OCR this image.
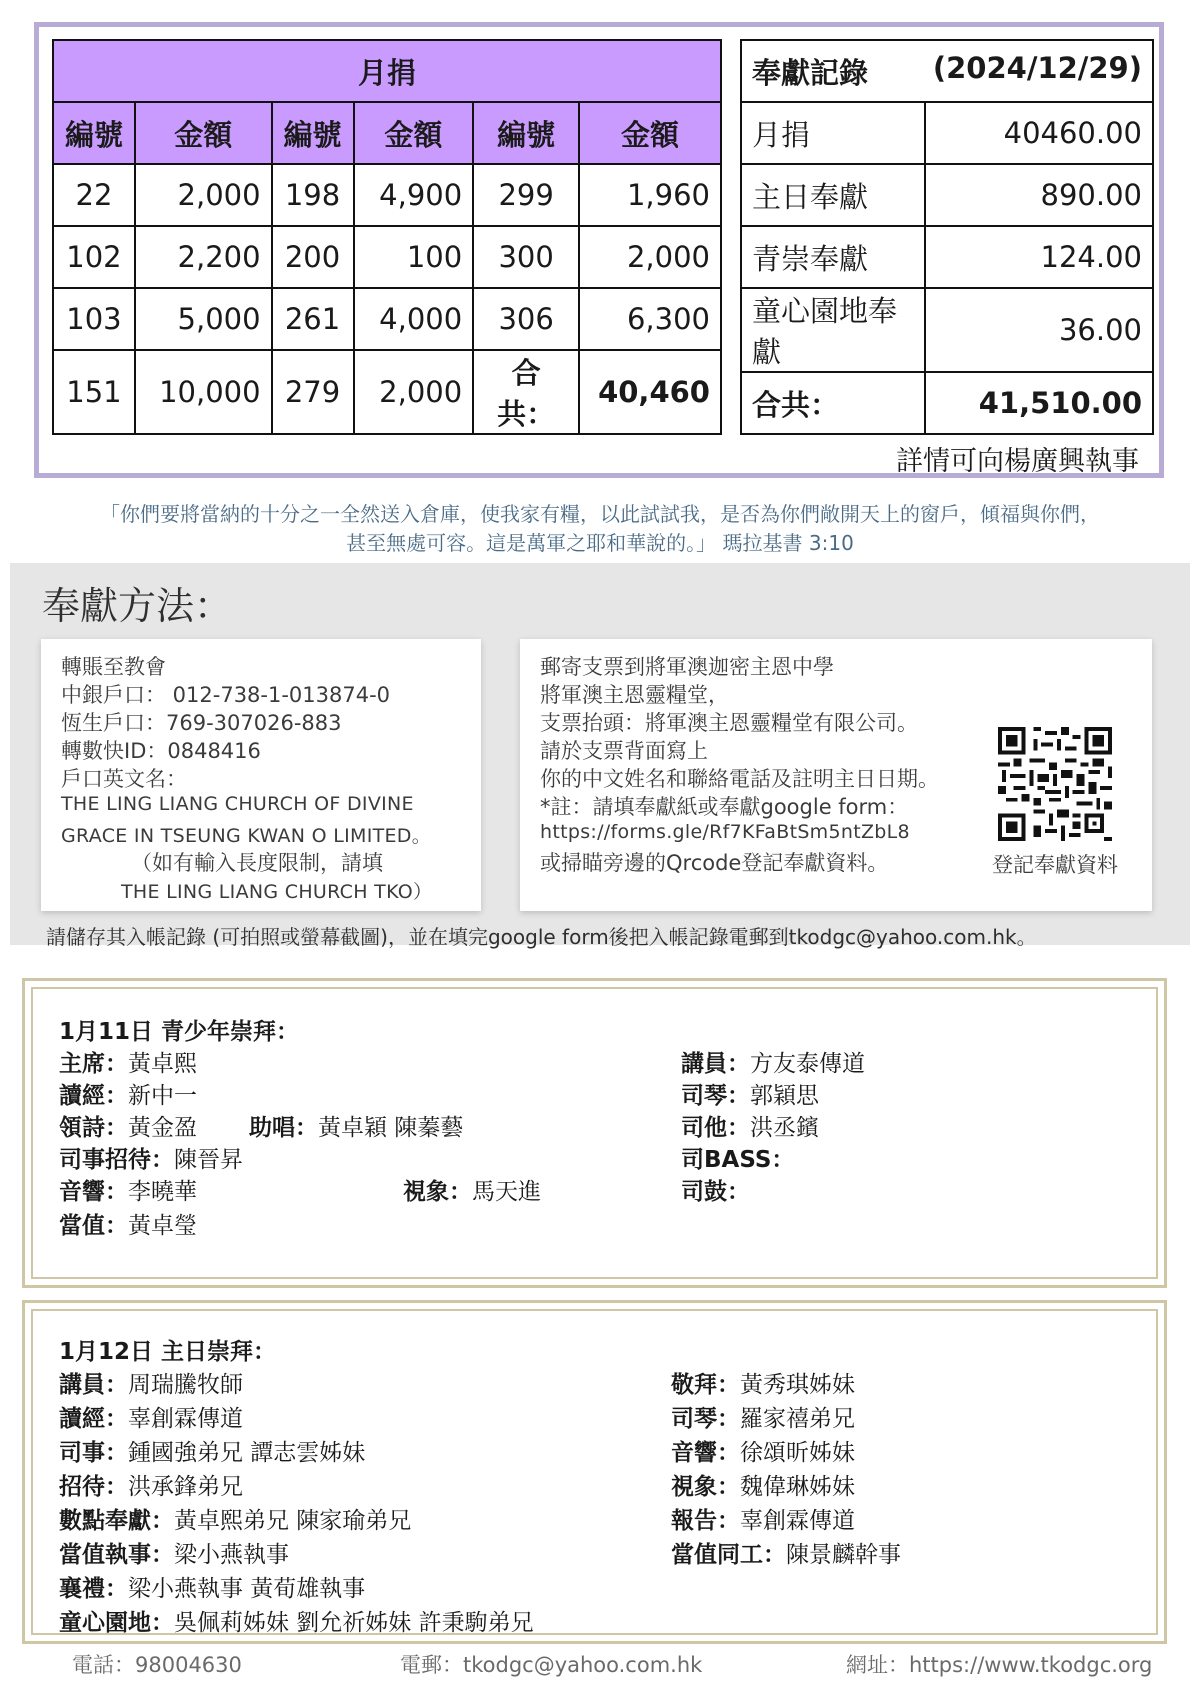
月捐					
編號	金額	編號	金額	編號	金額
22	2,000	198	4,900	299	1,960
102	2,200	200	100	300	2,000
103	5,000	261	4,000	306	6,300
151	10,000	279	2,000	合共：	40,460
奉獻記錄 (2024/12/29)	

月捐	40460.00
主日奉獻	890.00
青崇奉獻	124.00
童心園地奉獻	36.00
合共：	41,510.00
詳情可向楊廣興執事
「你們要將當納的十分之一全然送入倉庫，使我家有糧，以此試試我，是否為你們敞開天上的窗戶，傾福與你們，
甚至無處可容。這是萬軍之耶和華說的。」 瑪拉基書 3:10
奉獻方法：
轉賬至教會
中銀戶口： 012-738-1-013874-0
恆生戶口：769-307026-883
轉數快ID：0848416
戶口英文名：
THE LING LIANG CHURCH OF DIVINE
GRACE IN TSEUNG KWAN O LIMITED。
（如有輸入長度限制，請填
THE LING LIANG CHURCH TKO）
郵寄支票到將軍澳迦密主恩中學
將軍澳主恩靈糧堂，
支票抬頭：將軍澳主恩靈糧堂有限公司。
請於支票背面寫上
你的中文姓名和聯絡電話及註明主日日期。
*註：請填奉獻紙或奉獻google form：
https://forms.gle/Rf7KFaBtSm5ntZbL8
或掃瞄旁邊的Qrcode登記奉獻資料。	登記奉獻資料
請儲存其入帳記錄 (可拍照或螢幕截圖)，並在填完google form後把入帳記錄電郵到tkodgc@yahoo.com.hk。
1月11日 青少年崇拜：
主席：黃卓熙
讀經：新中一
領詩：黃金盈 助唱：黃卓穎 陳蓁藝
司事招待：陳晉昇
音響：李曉華	視象：馬天進
當值：黃卓瑩
講員：方友泰傳道
司琴：郭穎思
司他：洪丞鑌
司BASS：
司鼓：
1月12日 主日崇拜：
講員：周瑞騰牧師
讀經：辜創霖傳道
司事：鍾國強弟兄 譚志雲姊妹
招待：洪承鋒弟兄
數點奉獻：黃卓熙弟兄 陳家瑜弟兄
當值執事：梁小燕執事
襄禮：梁小燕執事 黃荀雄執事
童心園地：吳佩莉姊妹 劉允祈姊妹 許秉駒弟兄
敬拜：黃秀琪姊妹
司琴：羅家禧弟兄
音響：徐頌昕姊妹
視象：魏偉琳姊妹
報告：辜創霖傳道
當值同工：陳景麟幹事
電話：98004630	電郵：tkodgc@yahoo.com.hk	網址：https://www.tkodgc.org
